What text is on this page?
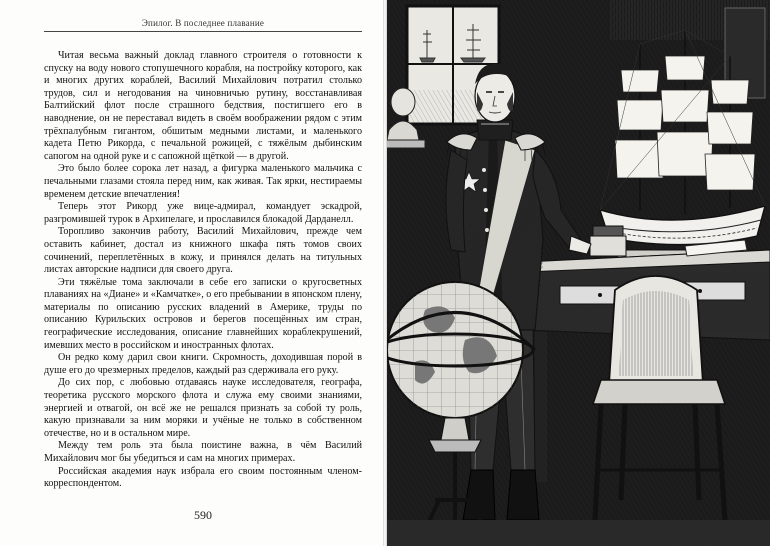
Эпилог. В последнее плавание

Читая весьма важный доклад главного строителя о готовности к спуску на воду нового стопушечного корабля, на постройку которого, как и многих других кораблей, Василий Михайлович потратил столько трудов, сил и негодования на чиновничью рутину, восстанавливая Балтийский флот после страшного бедствия, постигшего его в наводнение, он не переставал видеть в своём воображении рядом с этим трёхпалубным гигантом, обшитым медными листами, и маленького кадета Петю Рикорда, с печальной рожицей, с тяжёлым дыбинским сапогом на одной руке и с сапожной щёткой — в другой.

Это было более сорока лет назад, а фигурка маленького мальчика с печальными глазами стояла перед ним, как живая. Так ярки, нестираемы временем детские впечатления!

Теперь этот Рикорд уже вице-адмирал, командует эскадрой, разгромившей турок в Архипелаге, и прославился блокадой Дарданелл.

Торопливо закончив работу, Василий Михайлович, прежде чем оставить кабинет, достал из книжного шкафа пять томов своих сочинений, переплетённых в кожу, и принялся делать на титульных листах авторские надписи для своего друга.

Эти тяжёлые тома заключали в себе его записки о кругосветных плаваниях на «Диане» и «Камчатке», о его пребывании в японском плену, материалы по описанию русских владений в Америке, труды по описанию Курильских островов и берегов посещённых им стран, географические исследования, описание главнейших кораблекрушений, имевших место в российском и иностранных флотах.

Он редко кому дарил свои книги. Скромность, доходившая порой в душе его до чрезмерных пределов, каждый раз сдерживала его руку.

До сих пор, с любовью отдаваясь науке исследователя, географа, теоретика русского морского флота и служа ему своими знаниями, энергией и отвагой, он всё же не решался признать за собой ту роль, какую признавали за ним моряки и учёные не только в собственном отечестве, но и в остальном мире.

Между тем роль эта была поистине важна, в чём Василий Михайлович мог бы убедиться и сам на многих примерах.

Российская академия наук избрала его своим постоянным членом-корреспондентом.

590
